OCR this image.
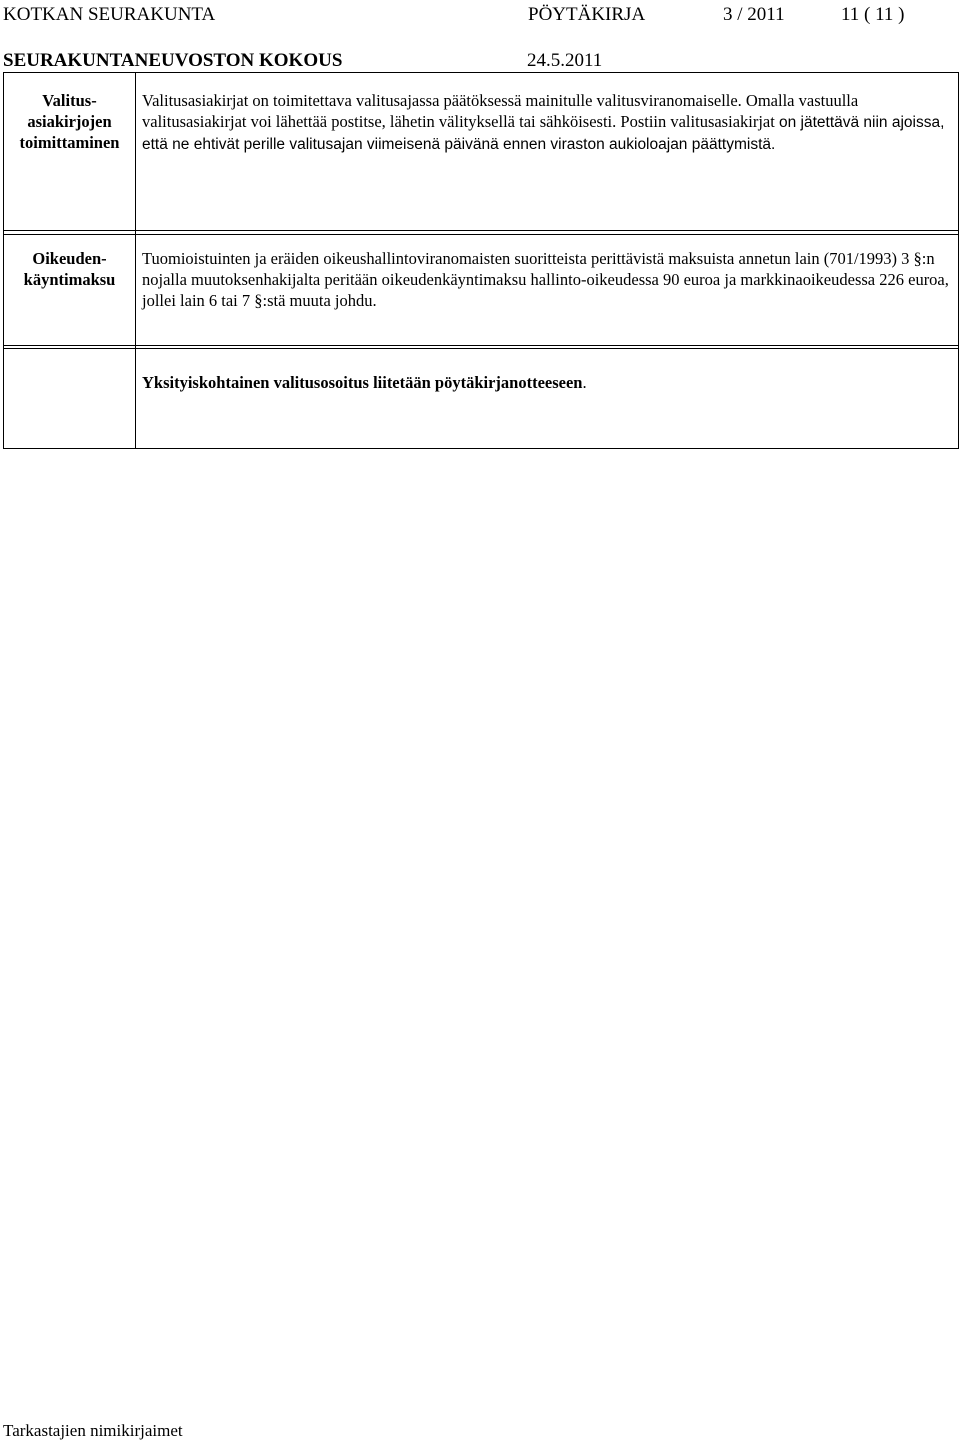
KOTKAN SEURAKUNTA	PÖYTÄKIRJA	3 / 2011	11 ( 11 )
SEURAKUNTANEUVOSTON KOKOUS	24.5.2011
Valitus-
asiakirjojen
toimittaminen	Valitusasiakirjat on toimitettava valitusajassa päätöksessä mainitulle valitusviranomaiselle. Omalla vastuulla valitusasiakirjat voi lähettää postitse, lähetin välityksellä tai sähköisesti. Postiin valitusasiakirjat on jätettävä niin ajoissa, että ne ehtivät perille valitusajan viimeisenä päivänä ennen viraston aukioloajan päättymistä.
Oikeuden-
käyntimaksu	Tuomioistuinten ja eräiden oikeushallintoviranomaisten suoritteista perittävistä maksuista annetun lain (701/1993) 3 §:n nojalla muutoksenhakijalta peritään oikeudenkäyntimaksu hallinto-oikeudessa 90 euroa ja markkinaoikeudessa 226 euroa, jollei lain 6 tai 7 §:stä muuta johdu.
	Yksityiskohtainen valitusosoitus liitetään pöytäkirjanotteeseen.
Tarkastajien nimikirjaimet
